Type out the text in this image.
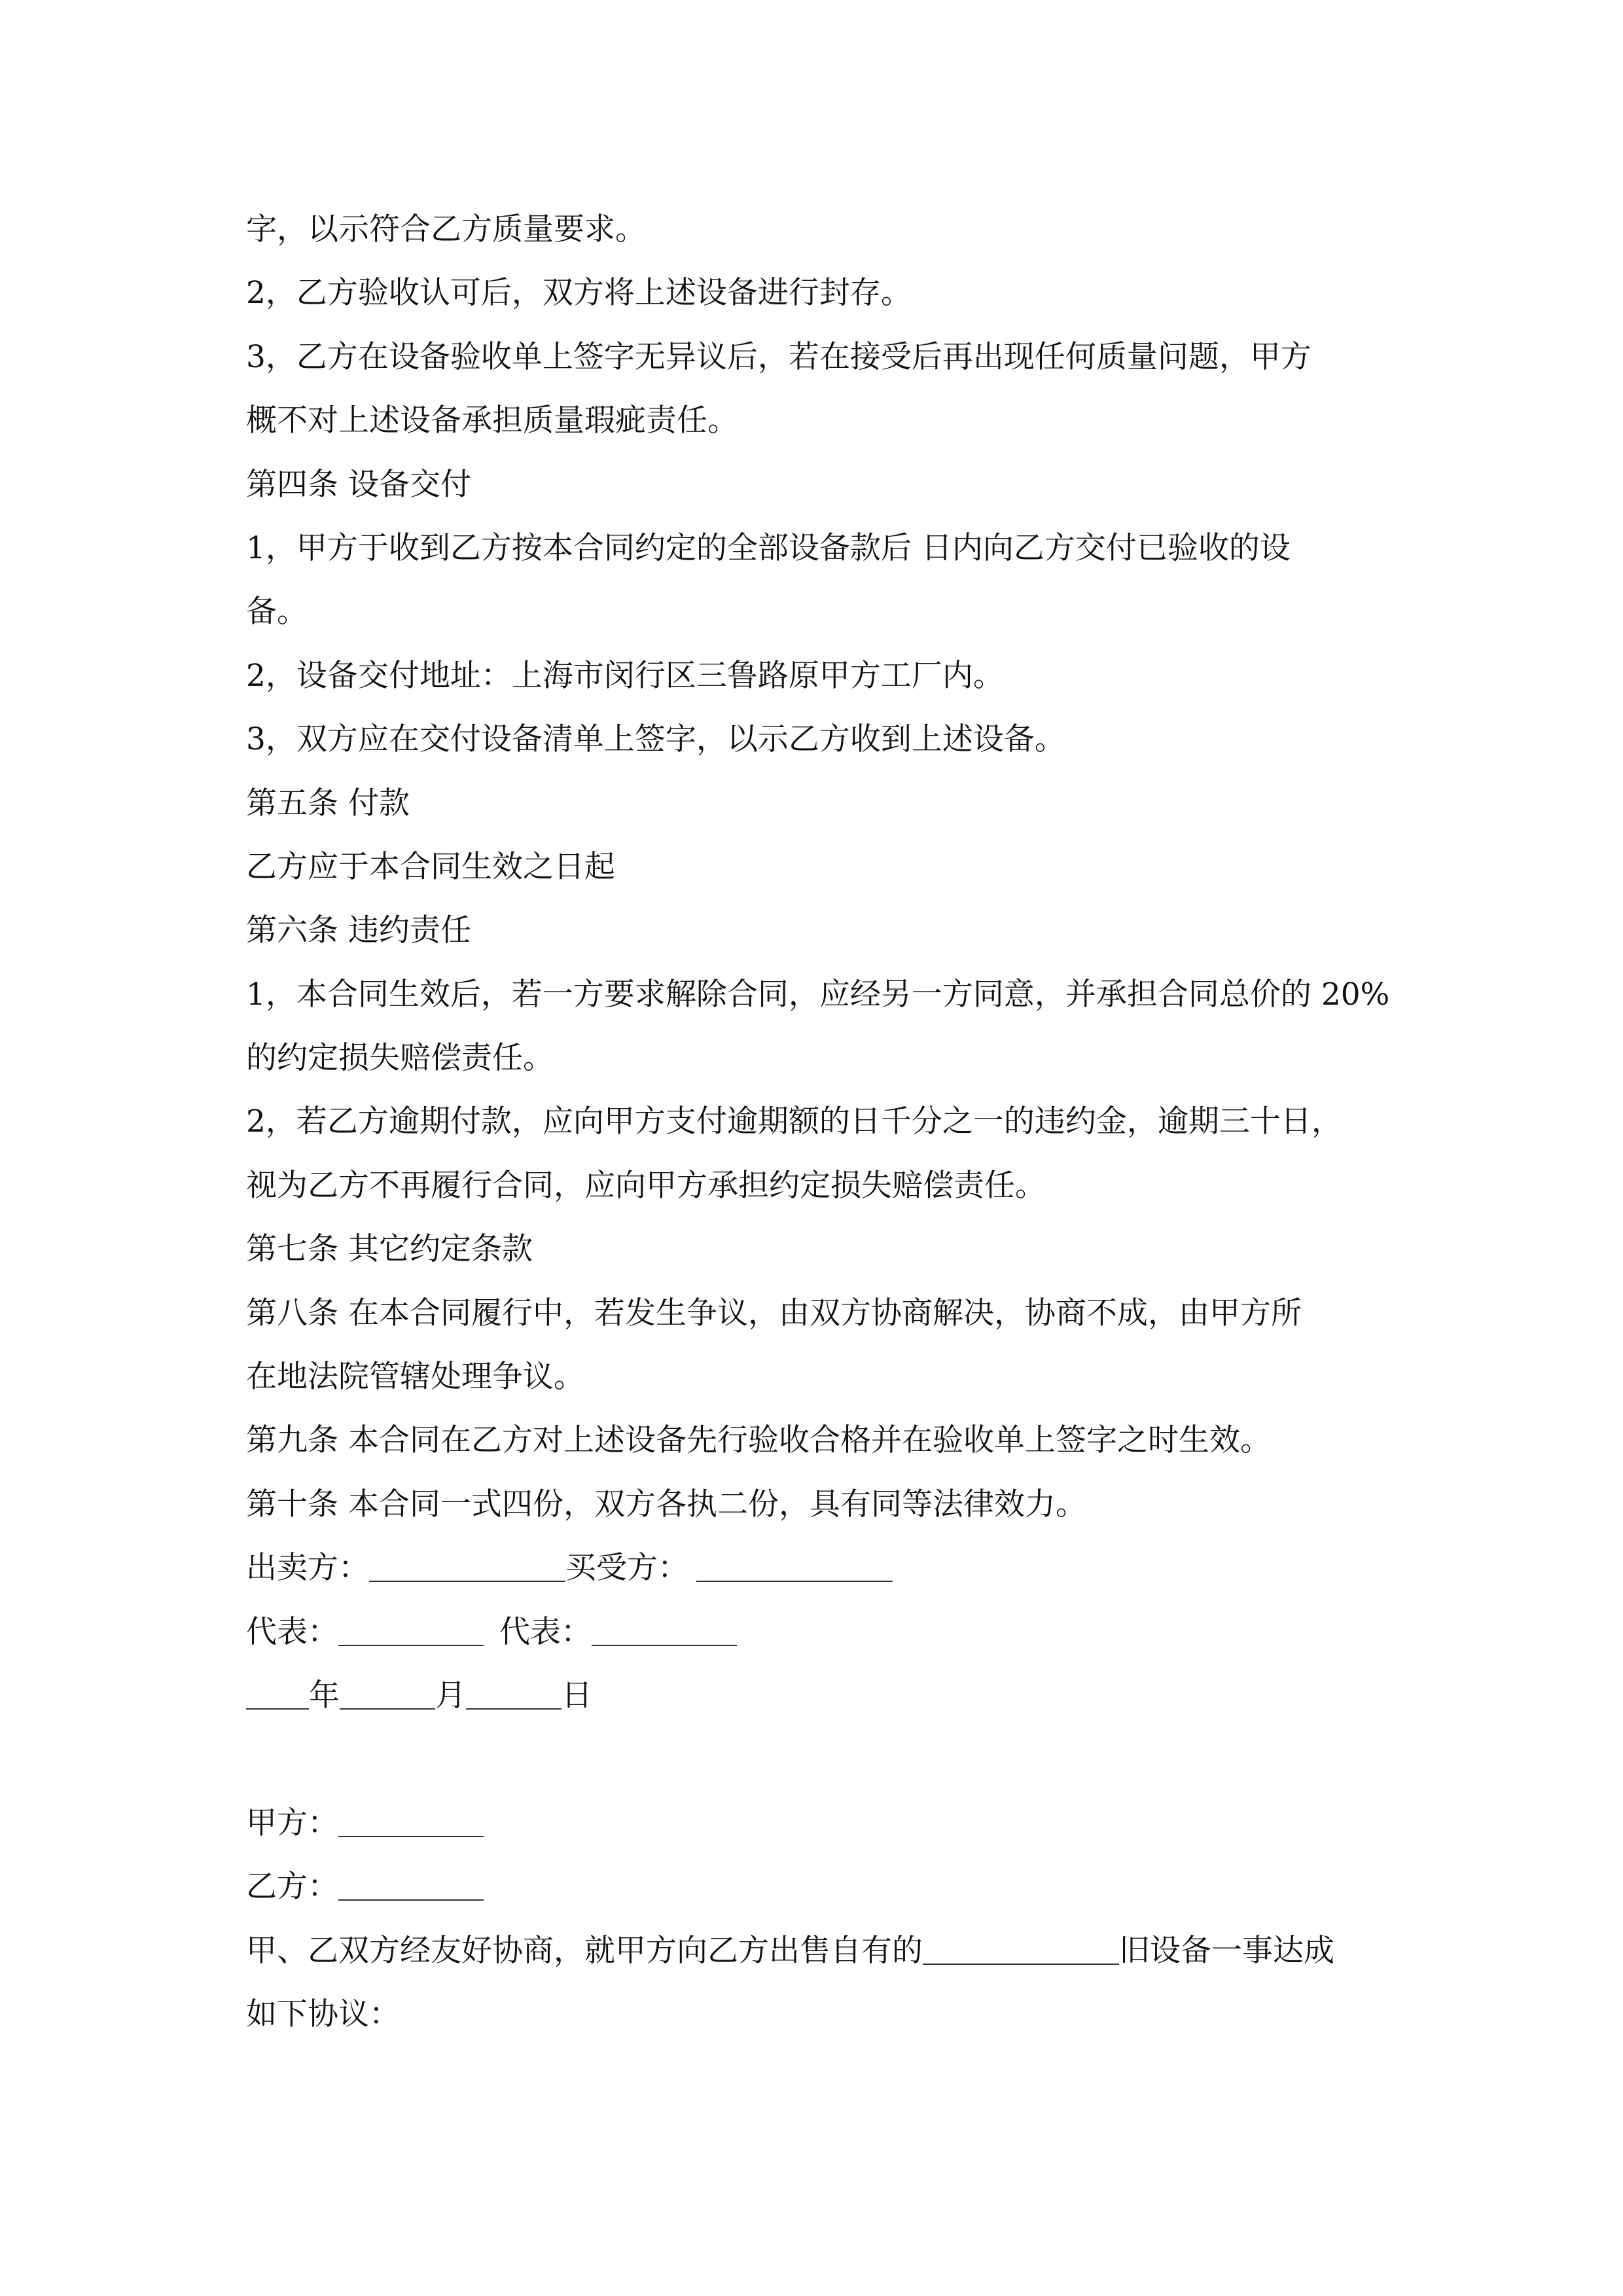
字，以示符合乙方质量要求。
2，乙方验收认可后，双方将上述设备进行封存。
3，乙方在设备验收单上签字无异议后，若在接受后再出现任何质量问题，甲方
概不对上述设备承担质量瑕疵责任。
第四条 设备交付
1，甲方于收到乙方按本合同约定的全部设备款后 日内向乙方交付已验收的设
备。
2，设备交付地址：上海市闵行区三鲁路原甲方工厂内。
3，双方应在交付设备清单上签字，以示乙方收到上述设备。
第五条 付款
乙方应于本合同生效之日起
第六条 违约责任
1，本合同生效后，若一方要求解除合同，应经另一方同意，并承担合同总价的 20%
的约定损失赔偿责任。
2，若乙方逾期付款，应向甲方支付逾期额的日千分之一的违约金，逾期三十日，
视为乙方不再履行合同，应向甲方承担约定损失赔偿责任。
第七条 其它约定条款
第八条 在本合同履行中，若发生争议，由双方协商解决，协商不成，由甲方所
在地法院管辖处理争议。
第九条 本合同在乙方对上述设备先行验收合格并在验收单上签字之时生效。
第十条 本合同一式四份，双方各执二份，具有同等法律效力。
出卖方：	买受方：
代表：	代表：
年	月	日
甲方：
乙方：
甲、乙双方经友好协商，就甲方向乙方出售自有的	旧设备一事达成
如下协议：
